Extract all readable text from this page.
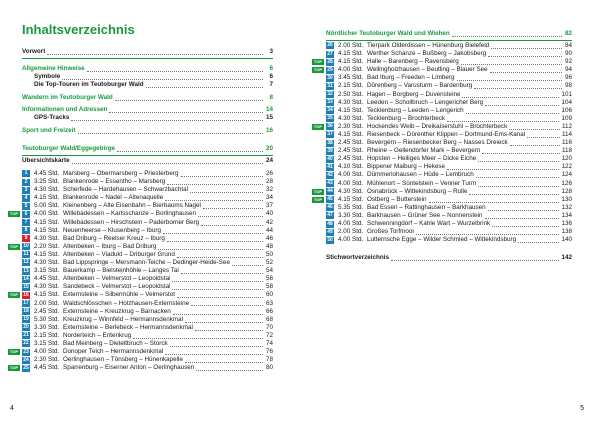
Inhaltsverzeichnis
Vorwort	3
Allgemeine Hinweise	6
Symbole	6
Die Top-Touren im Teutoburger Wald	7
Wandern im Teutoburger Wald	8
Informationen und Adressen	14
GPS-Tracks	15
Sport und Freizeit	16
Teutoburger Wald/Eggegebirge	20
Übersichtskarte	24
1	4.45 Std. Marsberg – Obermarsberg – Priesterberg	26
2	3.25 Std. Blankenrode – Essentho – Marsberg	28
3	4.30 Std. Scherfede – Hardehausen – Schwarzbachtal	32
4	4.15 Std. Blankenrode – Nadel – Altenaquelle	34
5	5.00 Std. Kleinenberg – Alte Eisenbahn – Bierbaums Nagel	37
TOP	6	4.00 Std. Willebadessen – Karlsschanze – Borlinghausen	40
7	4.15 Std. Willebadessen – Hirschstein – Paderborner Berg	42
8	4.15 Std. Neuenheerse – Klusenberg – Iburg	44
9	4.30 Std. Bad Driburg – Reelser Kreuz – Iburg	46
TOP	10 2.20 Std. Altenbeken – Iburg – Bad Driburg	48
11 4.15 Std. Altenbeken – Viadukt – Driburger Grund	50
12 4.30 Std. Bad Lippspringe – Mersmann-Teiche – Dedinger-Heide-See	52
13 3.15 Std. Bauerkamp – Bielsteinhöhle – Langes Tal	54
14 4.45 Std. Altenbeken – Velmerstot – Leopoldstal	56
15 4.30 Std. Sandebeck – Velmerstot – Leopoldstal	58
TOP	16 4.15 Std. Externsteine – Silbermühle – Velmerstot	60
17 2.00 Std. Waldschlösschen – Holzhausen-Externsteine	63
18 2.45 Std. Externsteine – Kreuzkrug – Barnacken	66
19 5.30 Std. Kreuzkrug – Winnfeld – Hermannsdenkmal	68
20 3.30 Std. Externsteine – Berlebeck – Hermannsdenkmal	70
21 2.15 Std. Norderteich – Entenkrug	72
22 3.15 Std. Bad Meinberg – Dieteltbruch – Storck	74
TOP	23 4.00 Std. Donoper Teich – Hermannsdenkmal	76
24 2.30 Std. Oerlinghausen – Tönsberg – Hünenkapelle	78
TOP	25 4.45 Std. Sparrenburg – Eiserner Anton – Oerlinghausen	80
4
Nördlicher Teutoburger Wald und Wiehen	82
26 2.00 Std. Tierpark Olderdissen – Hünenburg Bielefeld	84
27 4.15 Std. Werther Schanze – Bußberg – Jakobsberg	90
TOP	28 4.15 Std. Halle – Barenberg – Ravensberg	92
TOP	29 4.00 Std. Wellingholzhausen – Beutling – Blauer See	94
30 3.45 Std. Bad Iburg – Freeden – Limberg	96
31 2.15 Std. Dörenberg – Varusturm – Bardenburg	98
32 2.50 Std. Hagen – Borgberg – Duvensteine	101
33 4.30 Std. Leeden – Schollbruch – Lengericher Berg	104
34 4.15 Std. Tecklenburg – Leeden – Lengerich	106
35 4.30 Std. Tecklenburg – Brochterbeck	109
TOP	36 2.30 Std. Hockendes Weib – Dreikaiserstuhl – Brochterbeck	112
37 4.15 Std. Riesenbeck – Dörenther Klippen – Dortmund-Ems-Kanal	114
38 2.45 Std. Bevergern – Riesenbecker Berg – Nasses Dreieck	116
39 2.45 Std. Rheine – Gellendorfer Mark – Bevergern	118
40 2.45 Std. Hopsten – Heiliges Meer – Dicke Eiche	120
41 4.10 Std. Bippener Maiburg – Hekese	122
42 4.00 Std. Dümmerlohausen – Hüde – Lembruch	124
43 4.00 Std. Mühlenort – Süntelstein – Venner Turm	126
TOP	44 4.30 Std. Osnabrück – Wittekindsburg – Rulle	128
TOP	45 4.15 Std. Ostberg – Butterstein	130
46 5.35 Std. Bad Essen – Rattinghausen – Barkhausen	132
47 3.30 Std. Barkhausen – Grüner See – Nonnenstein	134
48 4.00 Std. Schwenningdorf – Kahle Wart – Wurzelbrink	136
49 2.00 Std. Großes Torfmoor	138
50 4.00 Std. Lutternsche Egge – Wilder Schmied – Wittekindsburg	140
Stichwortverzeichnis	142
5
